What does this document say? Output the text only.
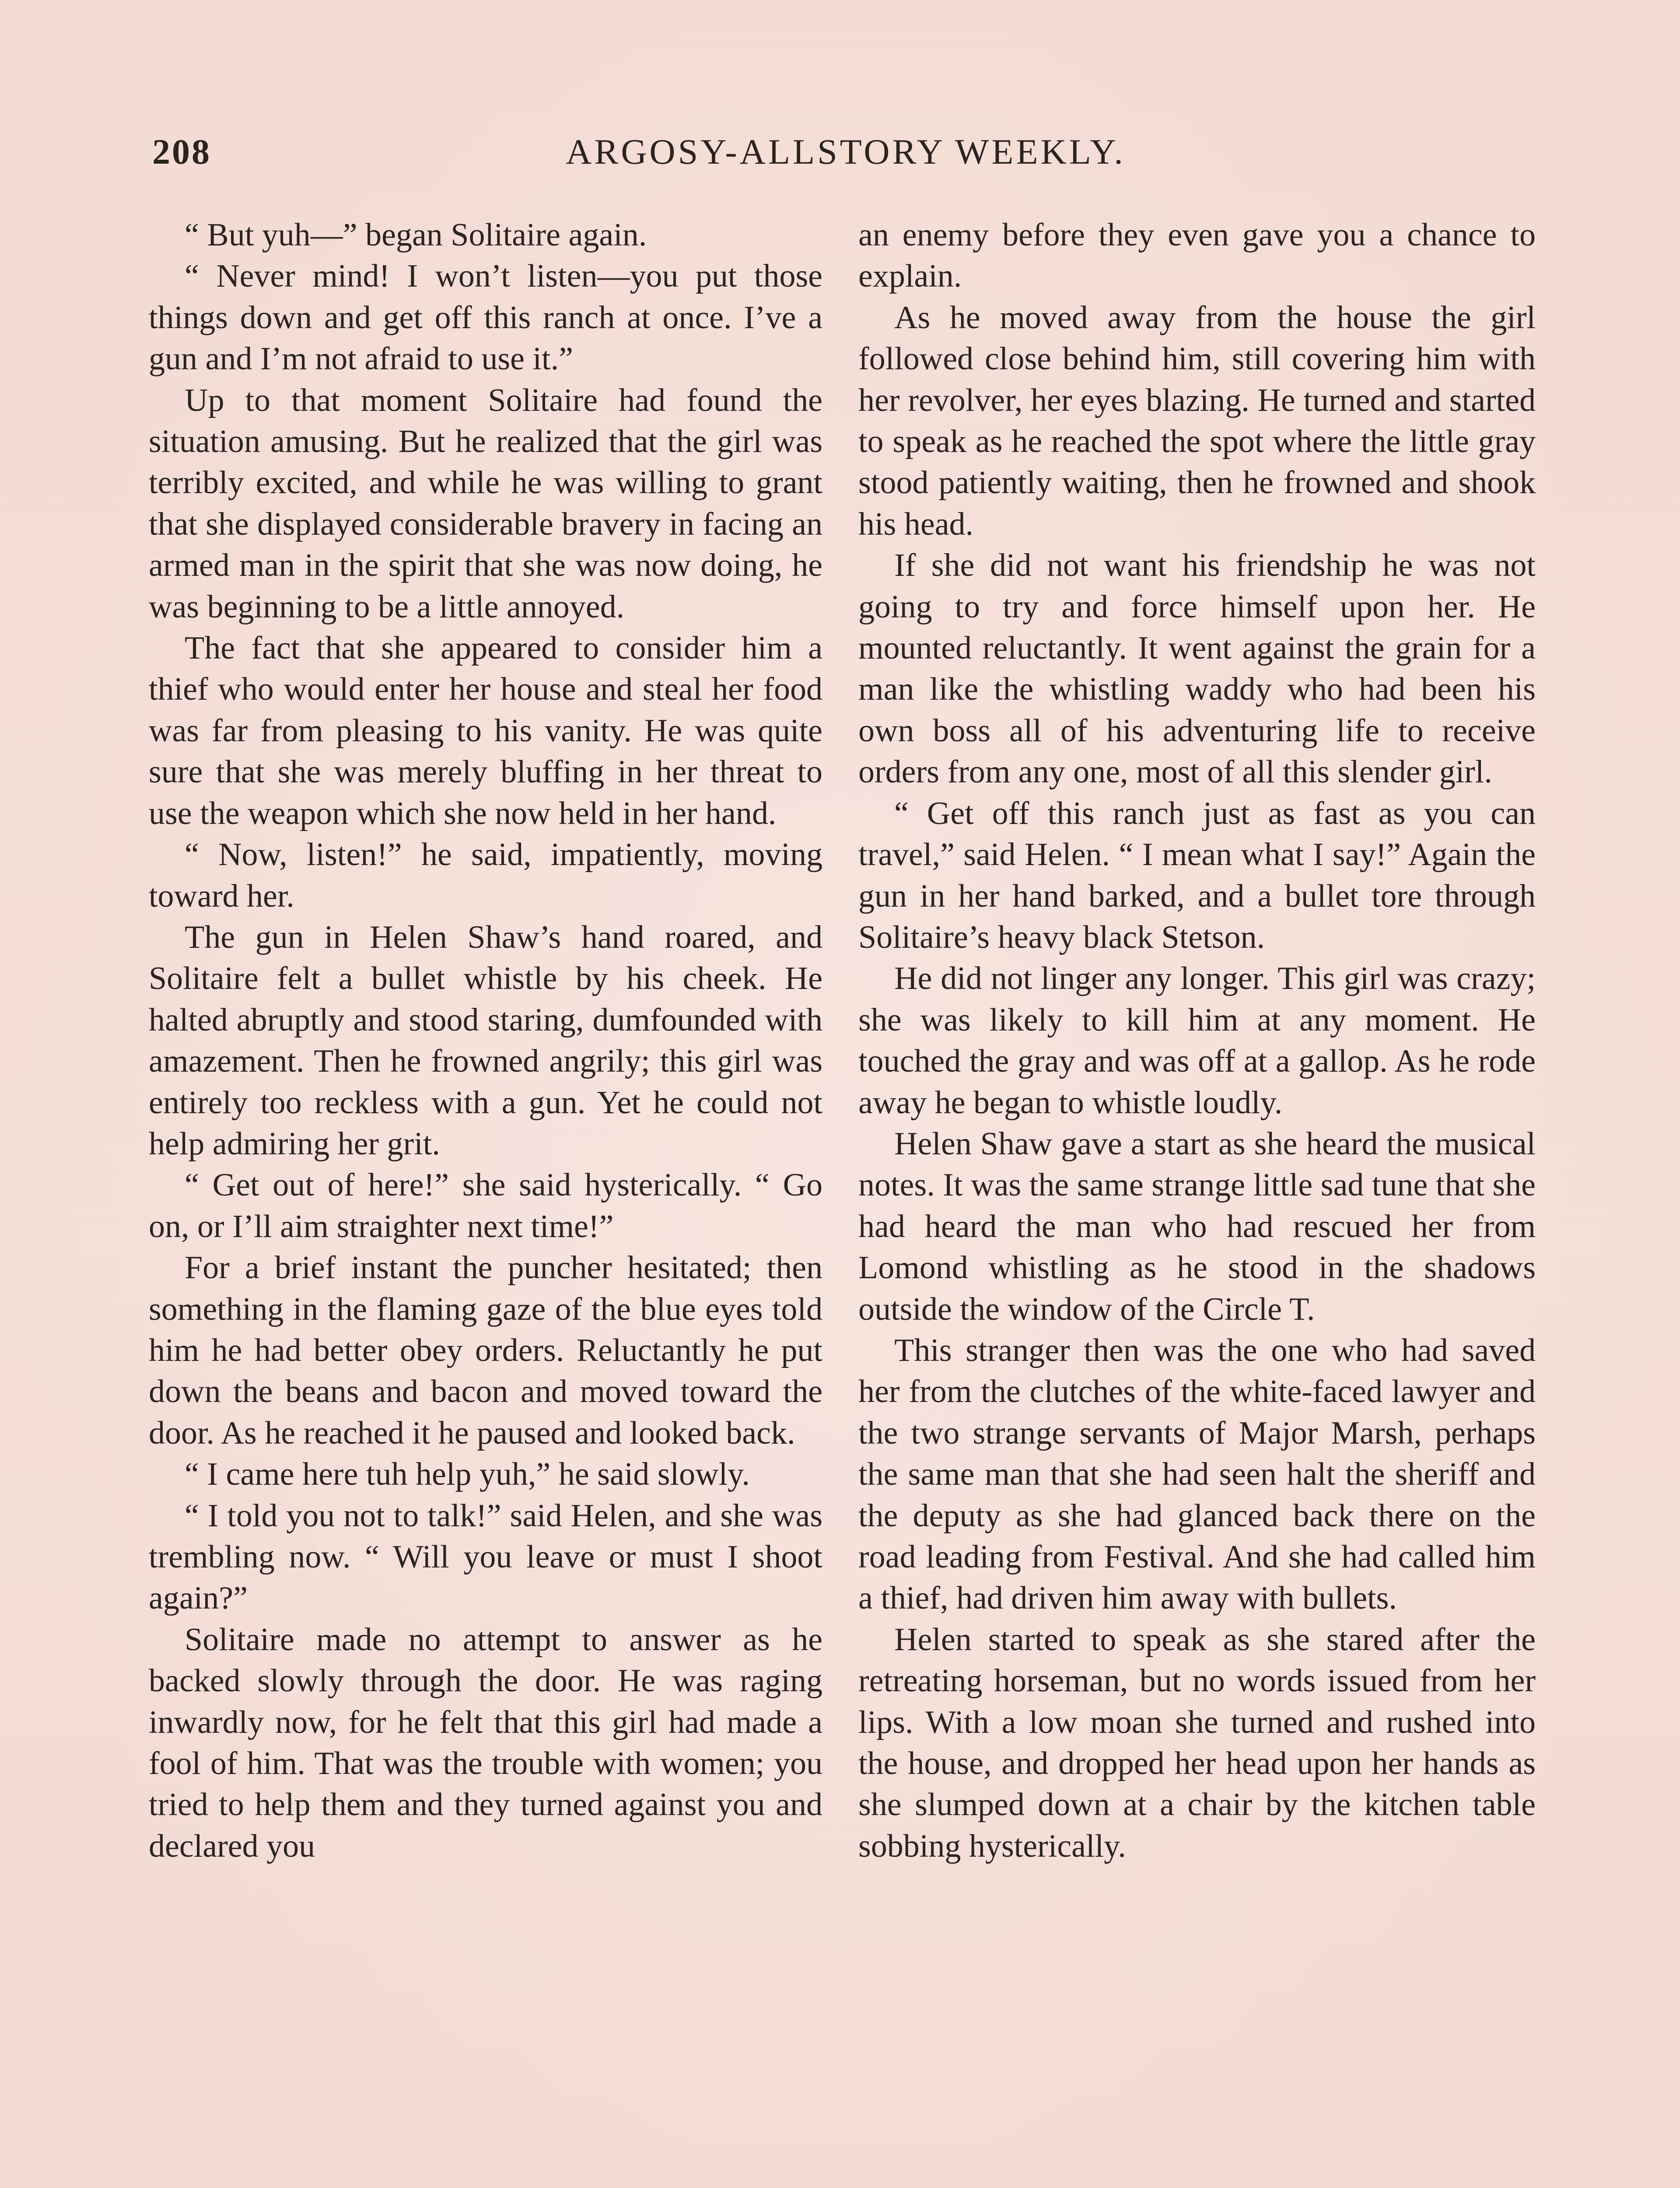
208	ARGOSY-ALLSTORY WEEKLY.

“ But yuh—” began Solitaire again.

“ Never mind! I won’t listen—you put those things down and get off this ranch at once. I’ve a gun and I’m not afraid to use it.”

Up to that moment Solitaire had found the situation amusing. But he realized that the girl was terribly excited, and while he was willing to grant that she displayed considerable bravery in facing an armed man in the spirit that she was now doing, he was beginning to be a little annoyed.

The fact that she appeared to consider him a thief who would enter her house and steal her food was far from pleasing to his vanity. He was quite sure that she was merely bluffing in her threat to use the weapon which she now held in her hand.

“ Now, listen!” he said, impatiently, moving toward her.

The gun in Helen Shaw’s hand roared, and Solitaire felt a bullet whistle by his cheek. He halted abruptly and stood staring, dumfounded with amazement. Then he frowned angrily; this girl was entirely too reckless with a gun. Yet he could not help admiring her grit.

“ Get out of here!” she said hysterically. “ Go on, or I’ll aim straighter next time!”

For a brief instant the puncher hesitated; then something in the flaming gaze of the blue eyes told him he had better obey orders. Reluctantly he put down the beans and bacon and moved toward the door. As he reached it he paused and looked back.

“ I came here tuh help yuh,” he said slowly.

“ I told you not to talk!” said Helen, and she was trembling now. “ Will you leave or must I shoot again?”

Solitaire made no attempt to answer as he backed slowly through the door. He was raging inwardly now, for he felt that this girl had made a fool of him. That was the trouble with women; you tried to help them and they turned against you and declared you

an enemy before they even gave you a chance to explain.

As he moved away from the house the girl followed close behind him, still covering him with her revolver, her eyes blazing. He turned and started to speak as he reached the spot where the little gray stood patiently waiting, then he frowned and shook his head.

If she did not want his friendship he was not going to try and force himself upon her. He mounted reluctantly. It went against the grain for a man like the whistling waddy who had been his own boss all of his adventuring life to receive orders from any one, most of all this slender girl.

“ Get off this ranch just as fast as you can travel,” said Helen. “ I mean what I say!” Again the gun in her hand barked, and a bullet tore through Solitaire’s heavy black Stetson.

He did not linger any longer. This girl was crazy; she was likely to kill him at any moment. He touched the gray and was off at a gallop. As he rode away he began to whistle loudly.

Helen Shaw gave a start as she heard the musical notes. It was the same strange little sad tune that she had heard the man who had rescued her from Lomond whistling as he stood in the shadows outside the window of the Circle T.

This stranger then was the one who had saved her from the clutches of the white-faced lawyer and the two strange servants of Major Marsh, perhaps the same man that she had seen halt the sheriff and the deputy as she had glanced back there on the road leading from Festival. And she had called him a thief, had driven him away with bullets.

Helen started to speak as she stared after the retreating horseman, but no words issued from her lips. With a low moan she turned and rushed into the house, and dropped her head upon her hands as she slumped down at a chair by the kitchen table sobbing hysterically.
